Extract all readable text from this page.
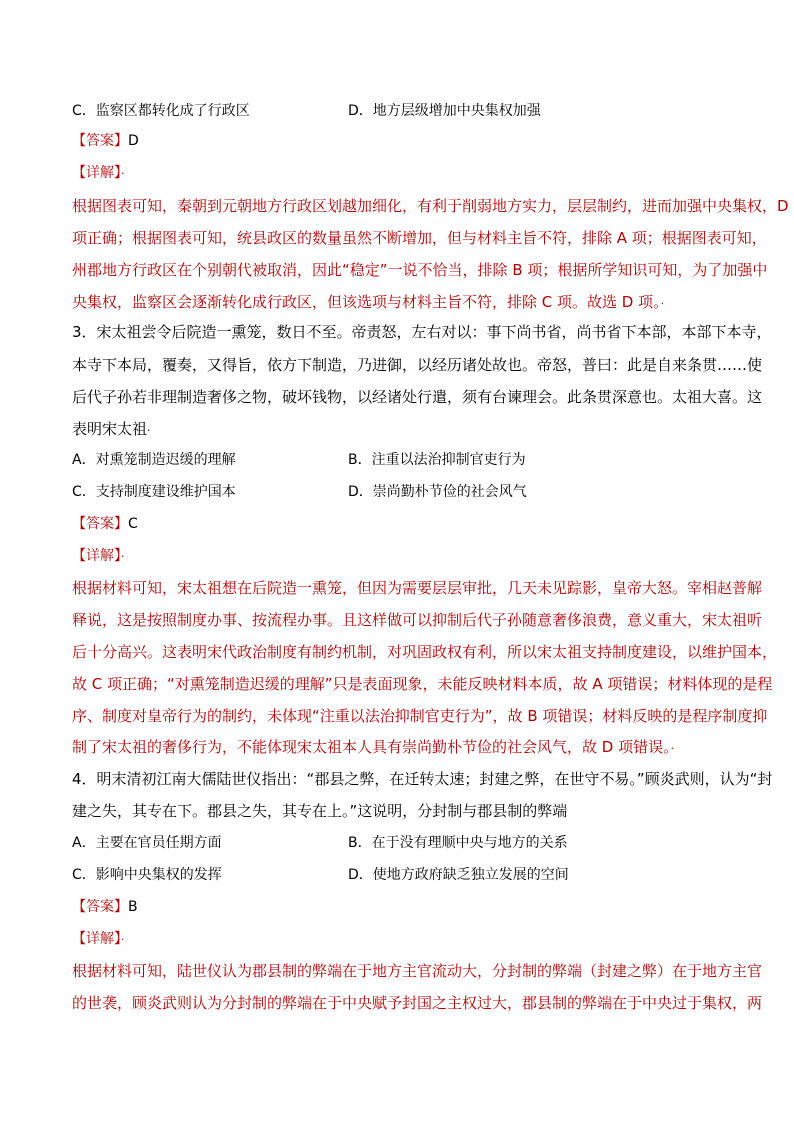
C．监察区都转化成了行政区	D．地方层级增加中央集权加强
【答案】D
【详解】·
根据图表可知，秦朝到元朝地方行政区划越加细化，有利于削弱地方实力，层层制约，进而加强中央集权，D
项正确；根据图表可知，统县政区的数量虽然不断增加，但与材料主旨不符，排除 A 项；根据图表可知，
州郡地方行政区在个别朝代被取消，因此“稳定”一说不恰当，排除 B 项；根据所学知识可知，为了加强中
央集权，监察区会逐渐转化成行政区，但该选项与材料主旨不符，排除 C 项。故选 D 项。·
3．宋太祖尝令后院造一熏笼，数日不至。帝责怒，左右对以：事下尚书省，尚书省下本部，本部下本寺，
本寺下本局，覆奏，又得旨，依方下制造，乃进御，以经历诸处故也。帝怒，普曰：此是自来条贯……使
后代子孙若非理制造奢侈之物，破坏钱物，以经诸处行遣，须有台谏理会。此条贯深意也。太祖大喜。这
表明宋太祖·
A．对熏笼制造迟缓的理解	B．注重以法治抑制官吏行为
C．支持制度建设维护国本	D．崇尚勤朴节俭的社会风气
【答案】C
【详解】·
根据材料可知，宋太祖想在后院造一熏笼，但因为需要层层审批，几天未见踪影，皇帝大怒。宰相赵普解
释说，这是按照制度办事、按流程办事。且这样做可以抑制后代子孙随意奢侈浪费，意义重大，宋太祖听
后十分高兴。这表明宋代政治制度有制约机制，对巩固政权有利，所以宋太祖支持制度建设，以维护国本，
故 C 项正确；“对熏笼制造迟缓的理解”只是表面现象，未能反映材料本质，故 A 项错误；材料体现的是程
序、制度对皇帝行为的制约，未体现“注重以法治抑制官吏行为”，故 B 项错误；材料反映的是程序制度抑
制了宋太祖的奢侈行为，不能体现宋太祖本人具有崇尚勤朴节俭的社会风气，故 D 项错误。·
4．明末清初江南大儒陆世仪指出：“郡县之弊，在迁转太速；封建之弊，在世守不易。”顾炎武则，认为“封
建之失，其专在下。郡县之失，其专在上。”这说明，分封制与郡县制的弊端
A．主要在官员任期方面	B．在于没有理顺中央与地方的关系
C．影响中央集权的发挥	D．使地方政府缺乏独立发展的空间
【答案】B
【详解】·
根据材料可知，陆世仪认为郡县制的弊端在于地方主官流动大，分封制的弊端（封建之弊）在于地方主官
的世袭，顾炎武则认为分封制的弊端在于中央赋予封国之主权过大，郡县制的弊端在于中央过于集权，两
